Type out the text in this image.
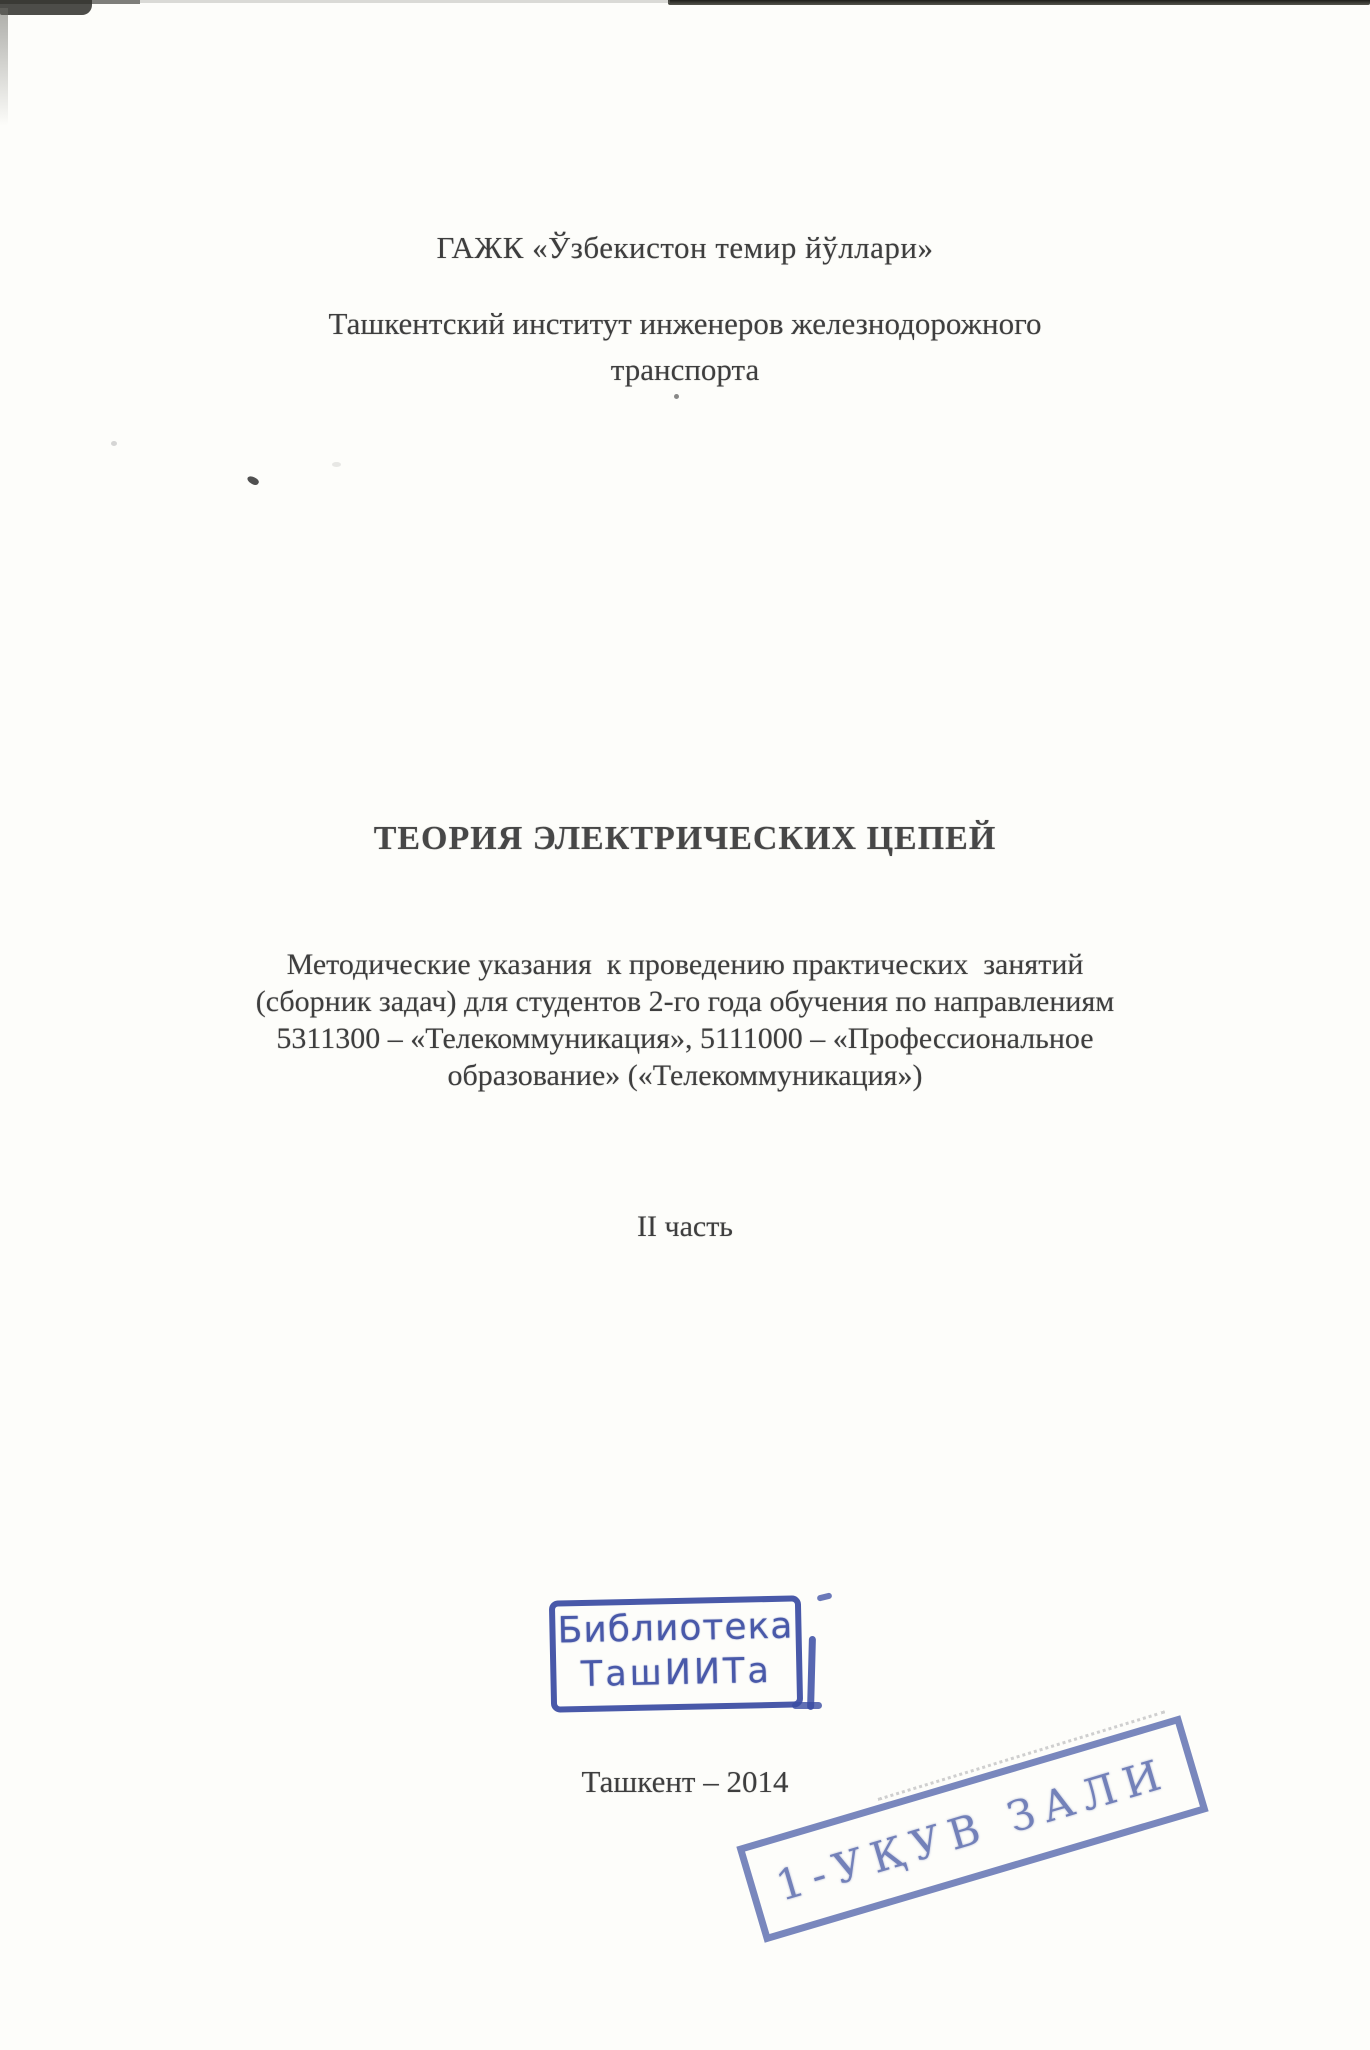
ГАЖК «Ўзбекистон темир йўллари»
Ташкентский институт инженеров железнодорожного
транспорта
ТЕОРИЯ ЭЛЕКТРИЧЕСКИХ ЦЕПЕЙ
Методические указания  к проведению практических  занятий
(сборник задач) для студентов 2-го года обучения по направлениям
5311300 – «Телекоммуникация», 5111000 – «Профессиональное
образование» («Телекоммуникация»)
II часть
Библиотека
ТашИИТа
Ташкент – 2014
1-УҚУВ ЗАЛИ
